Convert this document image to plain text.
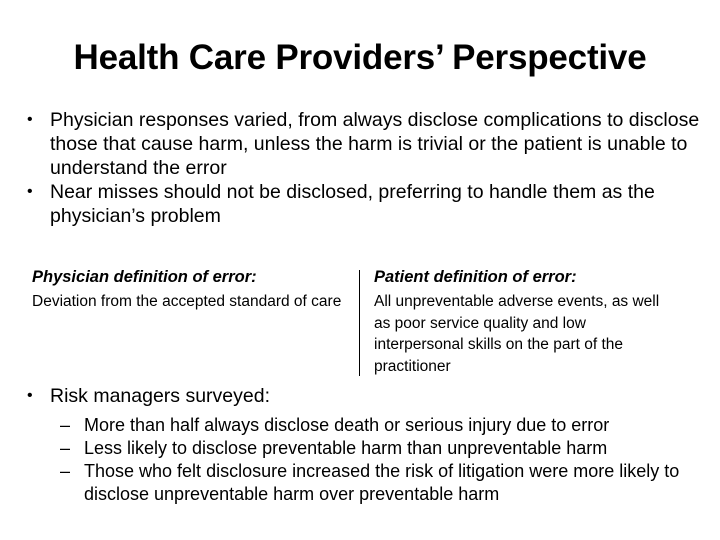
Health Care Providers’ Perspective
• Physician responses varied, from always disclose complications to disclose those that cause harm, unless the harm is trivial or the patient is unable to understand the error
• Near misses should not be disclosed, preferring to handle them as the physician’s problem
Physician definition of error:
Deviation from the accepted standard of care
Patient definition of error:
All unpreventable adverse events, as well as poor service quality and low interpersonal skills on the part of the practitioner
• Risk managers surveyed:
– More than half always disclose death or serious injury due to error
– Less likely to disclose preventable harm than unpreventable harm
– Those who felt disclosure increased the risk of litigation were more likely to disclose unpreventable harm over preventable harm
